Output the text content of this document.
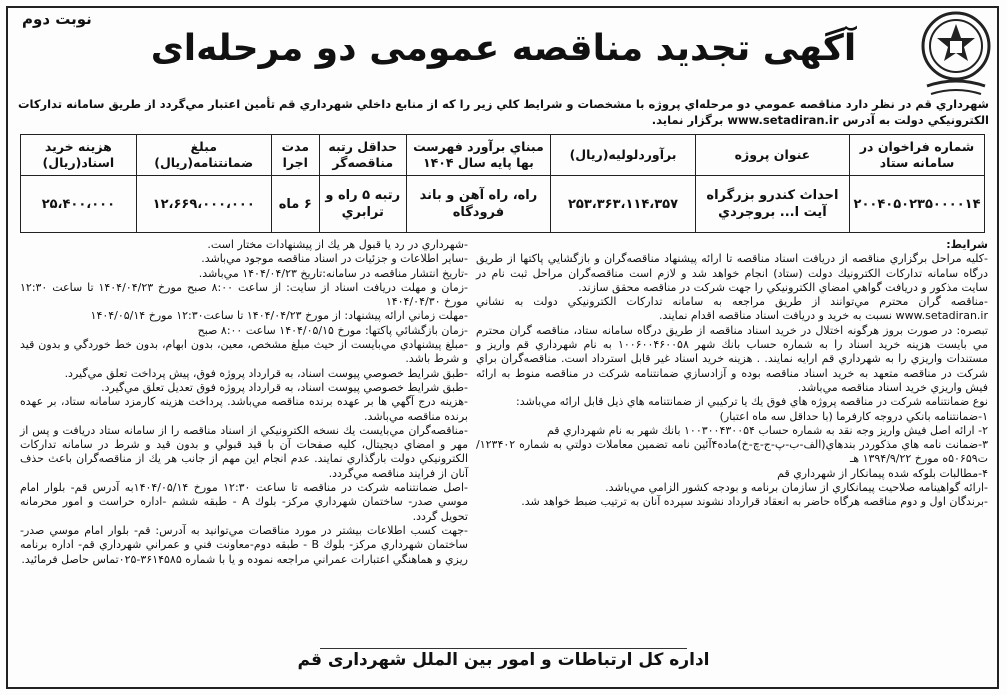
نوبت دوم
آگهی تجدید مناقصه عمومی دو مرحله‌ای
شهرداري قم در نظر دارد مناقصه عمومي دو مرحله‌اي پروژه با مشخصات و شرايط كلي زير را كه از منابع داخلي شهرداري قم تأمين اعتبار مي‌گردد از طريق سامانه تداركات الكترونيكي دولت به آدرس www.setadiran.ir برگزار نمايد.
شماره فراخوان در سامانه ستاد	عنوان پروژه	برآوردلولیه(ریال)	مبناي برآورد فهرست بها پايه سال ۱۴۰۴	حداقل رتبه مناقصه‌گر	مدت اجرا	مبلغ ضمانتنامه(ریال)	هزینه خرید اسناد(ریال)
۲۰۰۴۰۵۰۲۳۵۰۰۰۰۱۴	احداث كندرو بزرگراه آیت ا... بروجردي	۲۵۳،۳۶۳،۱۱۴،۳۵۷	راه، راه آهن و باند فرودگاه	رتبه ۵ راه و ترابري	۶ ماه	۱۲،۶۶۹،۰۰۰،۰۰۰	۲۵،۴۰۰،۰۰۰

شرايط:

-كليه مراحل برگزاري مناقصه از دريافت اسناد مناقصه تا ارائه پيشنهاد مناقصه‌گران و بازگشايي پاكتها از طريق درگاه سامانه تداركات الكترونيك دولت (ستاد) انجام خواهد شد و لازم است مناقصه‌گران مراحل ثبت نام در سايت مذكور و دريافت گواهي امضاي الكترونيكي را جهت شركت در مناقصه محقق سازند.

-مناقصه گران محترم مي‌توانند از طريق مراجعه به سامانه تداركات الكترونيكي دولت به نشاني www.setadiran.ir نسبت به خريد و دريافت اسناد مناقصه اقدام نمايند.

تبصره: در صورت بروز هرگونه اختلال در خريد اسناد مناقصه از طريق درگاه سامانه ستاد، مناقصه گران محترم مي بايست هزينه خريد اسناد را به شماره حساب بانك شهر ۱۰۰۶۰۰۴۶۰۰۵۸ به نام شهرداري قم واريز و مستندات واريزي را به شهرداري قم ارايه نمايند. . هزينه خريد اسناد غير قابل استرداد است. مناقصه‌گران براي شركت در مناقصه متعهد به خريد اسناد مناقصه بوده و آزادسازي ضمانتنامه شركت در مناقصه منوط به ارائه فيش واريزي خريد اسناد مناقصه مي‌باشد.

نوع ضمانتنامه شركت در مناقصه پروژه هاي فوق يك يا تركيبي از ضمانتنامه هاي ذيل قابل ارائه مي‌باشد:

۱-ضمانتنامه بانكي دروجه كارفرما (با حداقل سه ماه اعتبار)

۲- ارائه اصل فيش واريز وجه نقد به شماره حساب ۱۰۰۳۰۰۴۳۰۰۵۴ بانك شهر به نام شهرداري قم

۳-ضمانت نامه هاي مذكوردر بندهاي(الف-ب-پ-ج-چ-خ)ماده۴آئين نامه تضمين معاملات دولتي به شماره ۱۲۳۴۰۲/ت۵۰۶۵۹ه مورخ ۱۳۹۴/۹/۲۲ هـ

۴-مطالبات بلوكه شده پيمانكار از شهرداري قم

-ارائه گواهينامه صلاحيت پيمانكاري از سازمان برنامه و بودجه كشور الزامي مي‌باشد.

-برندگان اول و دوم مناقصه هرگاه حاضر به انعقاد قرارداد نشوند سپرده آنان به ترتيب ضبط خواهد شد.

-شهرداري در رد يا قبول هر يك از پيشنهادات مختار است.

-ساير اطلاعات و جزئيات در اسناد مناقصه موجود مي‌باشد.

-تاريخ انتشار مناقصه در سامانه:تاريخ ۱۴۰۴/۰۴/۲۳ مي‌باشد.

-زمان و مهلت دريافت اسناد از سايت: از ساعت ۸:۰۰ صبح مورخ ۱۴۰۴/۰۴/۲۳ تا ساعت ۱۲:۳۰ مورخ ۱۴۰۴/۰۴/۳۰

-مهلت زماني ارائه پيشنهاد: از مورخ ۱۴۰۴/۰۴/۲۳ تا ساعت۱۲:۳۰ مورخ ۱۴۰۴/۰۵/۱۴

-زمان بازگشائي پاكتها: مورخ ۱۴۰۴/۰۵/۱۵ ساعت ۸:۰۰ صبح

-مبلغ پيشنهادي مي‌بايست از حيث مبلغ مشخص، معين، بدون ابهام، بدون خط خوردگي و بدون قيد و شرط باشد.

-طبق شرايط خصوصي پيوست اسناد، به قرارداد پروژه فوق، پيش پرداخت تعلق مي‌گيرد.

-طبق شرايط خصوصي پيوست اسناد، به قرارداد پروژه فوق تعديل تعلق مي‌گيرد.

-هزينه درج آگهي ها بر عهده برنده مناقصه مي‌باشد. پرداخت هزينه كارمزد سامانه ستاد، بر عهده برنده مناقصه مي‌باشد.

-مناقصه‌گران مي‌بايست يك نسخه الكترونيكي از اسناد مناقصه را از سامانه ستاد دريافت و پس از مهر و امضاي ديجيتال، كليه صفحات آن با قيد قبولي و بدون قيد و شرط در سامانه تداركات الكترونيكي دولت بارگذاري نمايند. عدم انجام اين مهم از جانب هر يك از مناقصه‌گران باعث حذف آنان از فرايند مناقصه مي‌گردد.

-اصل ضمانتنامه شركت در مناقصه تا ساعت ۱۲:۳۰ مورخ ۱۴۰۴/۰۵/۱۴به آدرس قم- بلوار امام موسي صدر- ساختمان شهرداري مركز- بلوك A - طبقه ششم -اداره حراست و امور محرمانه تحويل گردد.

-جهت كسب اطلاعات بيشتر در مورد مناقصات مي‌توانيد به آدرس: قم- بلوار امام موسي صدر- ساختمان شهرداري مركز- بلوك B - طبقه دوم-معاونت فني و عمراني شهرداري قم- اداره برنامه ريزي و هماهنگي اعتبارات عمراني مراجعه نموده و يا با شماره ۳۶۱۴۵۸۵-۰۲۵تماس حاصل فرمائيد.

اداره کل ارتباطات و امور بین الملل شهرداری قم
